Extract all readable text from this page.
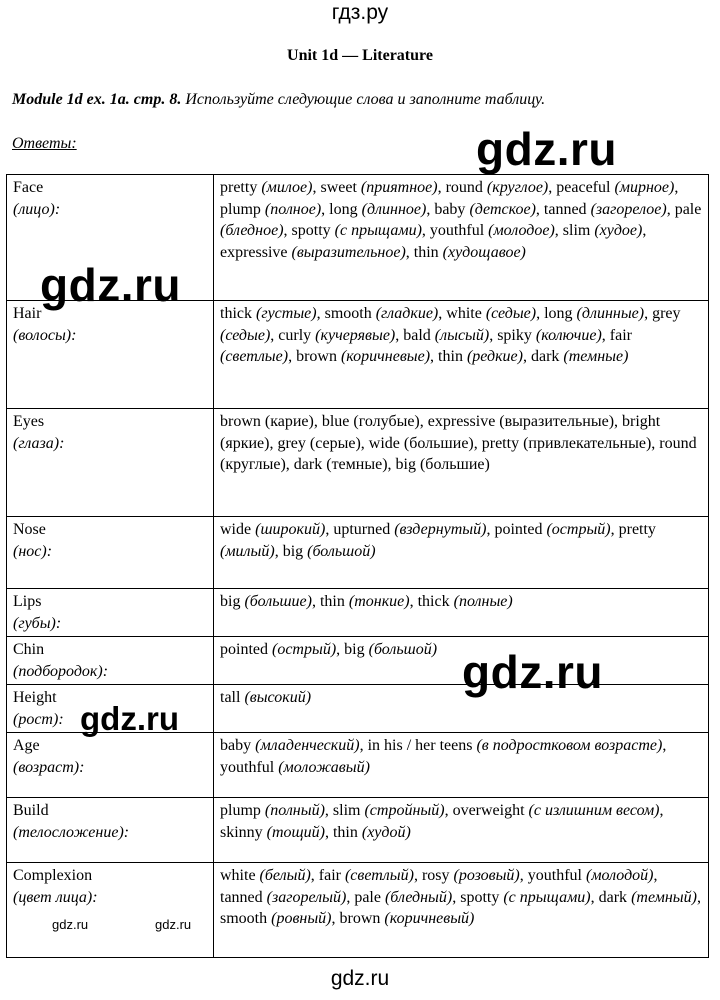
гдз.ру
Unit 1d — Literature
Module 1d ex. 1a. стр. 8. Используйте следующие слова и заполните таблицу.
Ответы:
Face
(лицо):	pretty (милое), sweet (приятное), round (круглое), peaceful (мирное), plump (полное), long (длинное), baby (детское), tanned (загорелое), pale (бледное), spotty (с прыщами), youthful (молодое), slim (худое), expressive (выразительное), thin (худощавое)
Hair
(волосы):	thick (густые), smooth (гладкие), white (седые), long (длинные), grey (седые), curly (кучерявые), bald (лысый), spiky (колючие), fair (светлые), brown (коричневые), thin (редкие), dark (темные)
Eyes
(глаза):	brown (карие), blue (голубые), expressive (выразительные), bright (яркие), grey (серые), wide (большие), pretty (привлекательные), round (круглые), dark (темные), big (большие)
Nose
(нос):	wide (широкий), upturned (вздернутый), pointed (острый), pretty (милый), big (большой)
Lips
(губы):	big (большие), thin (тонкие), thick (полные)
Chin
(подбородок):	pointed (острый), big (большой)
Height
(рост):	tall (высокий)
Age
(возраст):	baby (младенческий), in his / her teens (в подростковом возрасте), youthful (моложавый)
Build
(телосложение):	plump (полный), slim (стройный), overweight (с излишним весом), skinny (тощий), thin (худой)
Complexion
(цвет лица):	white (белый), fair (светлый), rosy (розовый), youthful (молодой), tanned (загорелый), pale (бледный), spotty (с прыщами), dark (темный), smooth (ровный), brown (коричневый)
gdz.ru
gdz.ru
gdz.ru
gdz.ru
gdz.ru	gdz.ru
gdz.ru
